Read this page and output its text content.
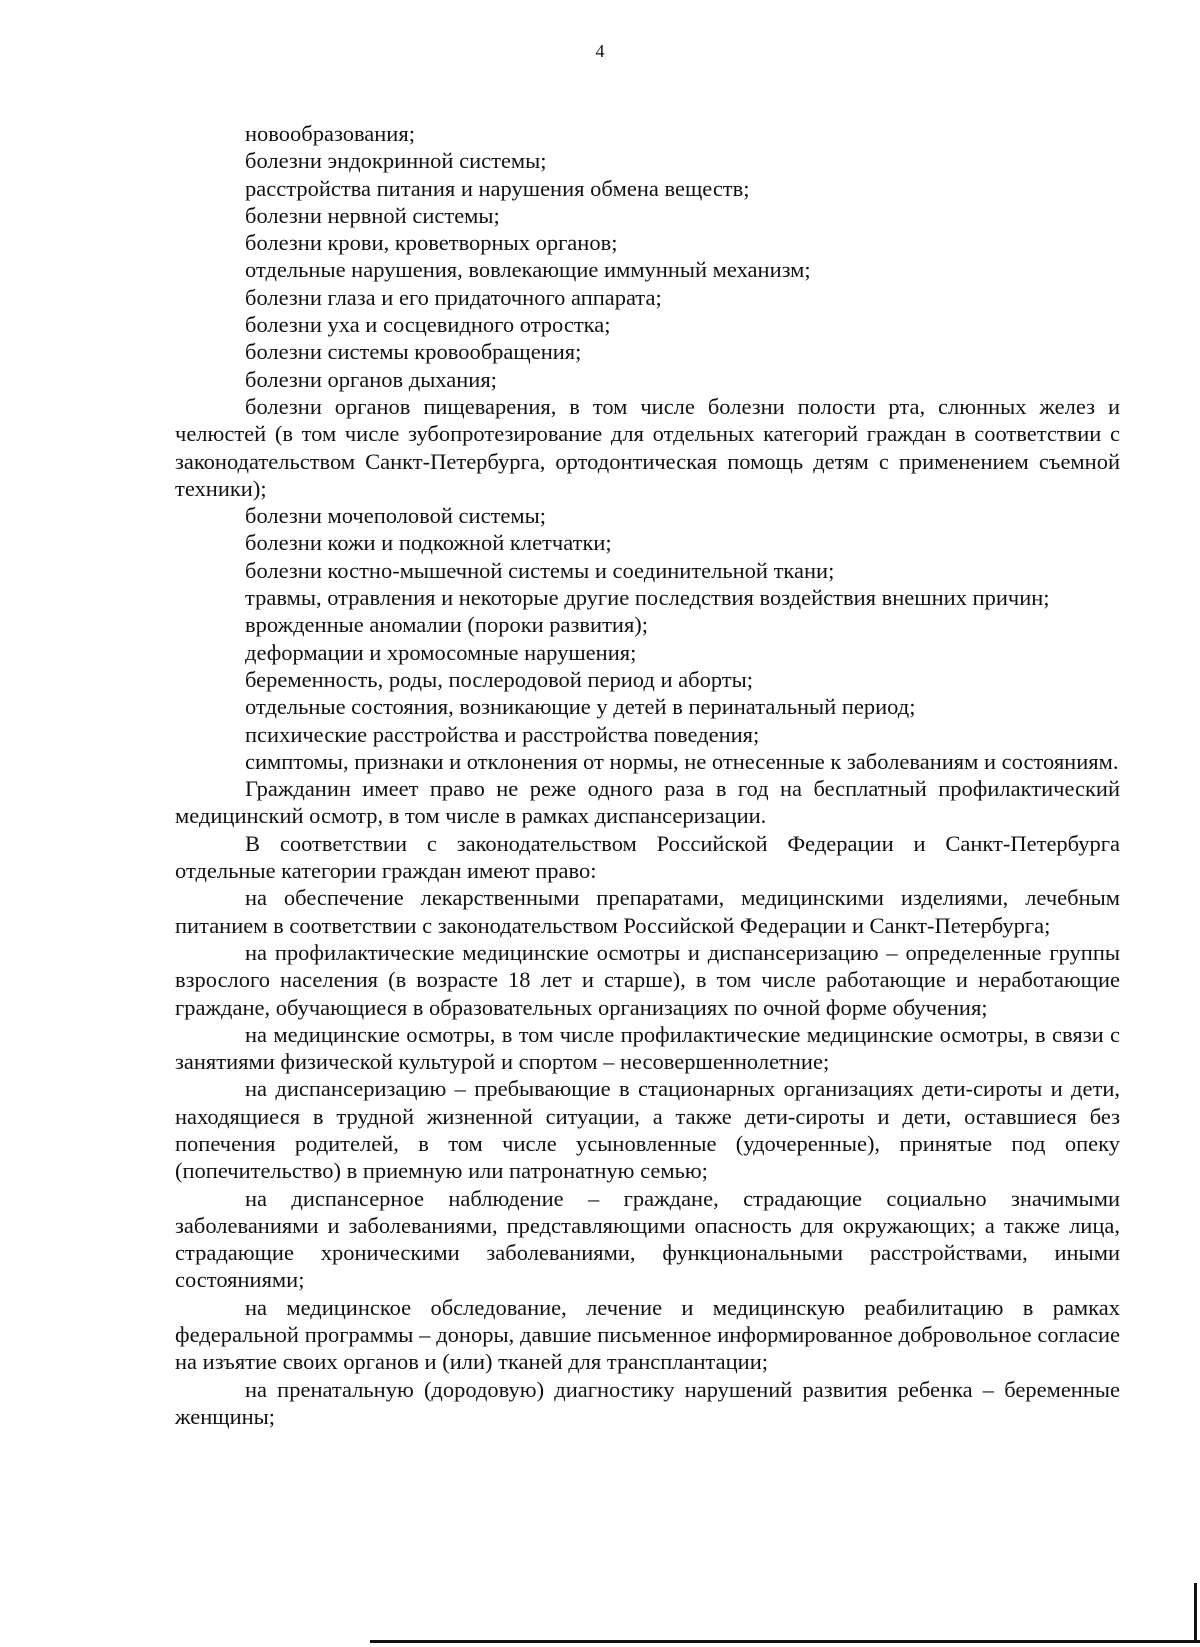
4

новообразования;

болезни эндокринной системы;

расстройства питания и нарушения обмена веществ;

болезни нервной системы;

болезни крови, кроветворных органов;

отдельные нарушения, вовлекающие иммунный механизм;

болезни глаза и его придаточного аппарата;

болезни уха и сосцевидного отростка;

болезни системы кровообращения;

болезни органов дыхания;

болезни органов пищеварения, в том числе болезни полости рта, слюнных желез и челюстей (в том числе зубопротезирование для отдельных категорий граждан в соответствии с законодательством Санкт-Петербурга, ортодонтическая помощь детям с применением съемной техники);

болезни мочеполовой системы;

болезни кожи и подкожной клетчатки;

болезни костно-мышечной системы и соединительной ткани;

травмы, отравления и некоторые другие последствия воздействия внешних причин;

врожденные аномалии (пороки развития);

деформации и хромосомные нарушения;

беременность, роды, послеродовой период и аборты;

отдельные состояния, возникающие у детей в перинатальный период;

психические расстройства и расстройства поведения;

симптомы, признаки и отклонения от нормы, не отнесенные к заболеваниям и состояниям.

Гражданин имеет право не реже одного раза в год на бесплатный профилактический медицинский осмотр, в том числе в рамках диспансеризации.

В соответствии с законодательством Российской Федерации и Санкт-Петербурга отдельные категории граждан имеют право:

на обеспечение лекарственными препаратами, медицинскими изделиями, лечебным питанием в соответствии с законодательством Российской Федерации и Санкт-Петербурга;

на профилактические медицинские осмотры и диспансеризацию – определенные группы взрослого населения (в возрасте 18 лет и старше), в том числе работающие и неработающие граждане, обучающиеся в образовательных организациях по очной форме обучения;

на медицинские осмотры, в том числе профилактические медицинские осмотры, в связи с занятиями физической культурой и спортом – несовершеннолетние;

на диспансеризацию – пребывающие в стационарных организациях дети-сироты и дети, находящиеся в трудной жизненной ситуации, а также дети-сироты и дети, оставшиеся без попечения родителей, в том числе усыновленные (удочеренные), принятые под опеку (попечительство) в приемную или патронатную семью;

на диспансерное наблюдение – граждане, страдающие социально значимыми заболеваниями и заболеваниями, представляющими опасность для окружающих; а также лица, страдающие хроническими заболеваниями, функциональными расстройствами, иными состояниями;

на медицинское обследование, лечение и медицинскую реабилитацию в рамках федеральной программы – доноры, давшие письменное информированное добровольное согласие на изъятие своих органов и (или) тканей для трансплантации;

на пренатальную (дородовую) диагностику нарушений развития ребенка – беременные женщины;
